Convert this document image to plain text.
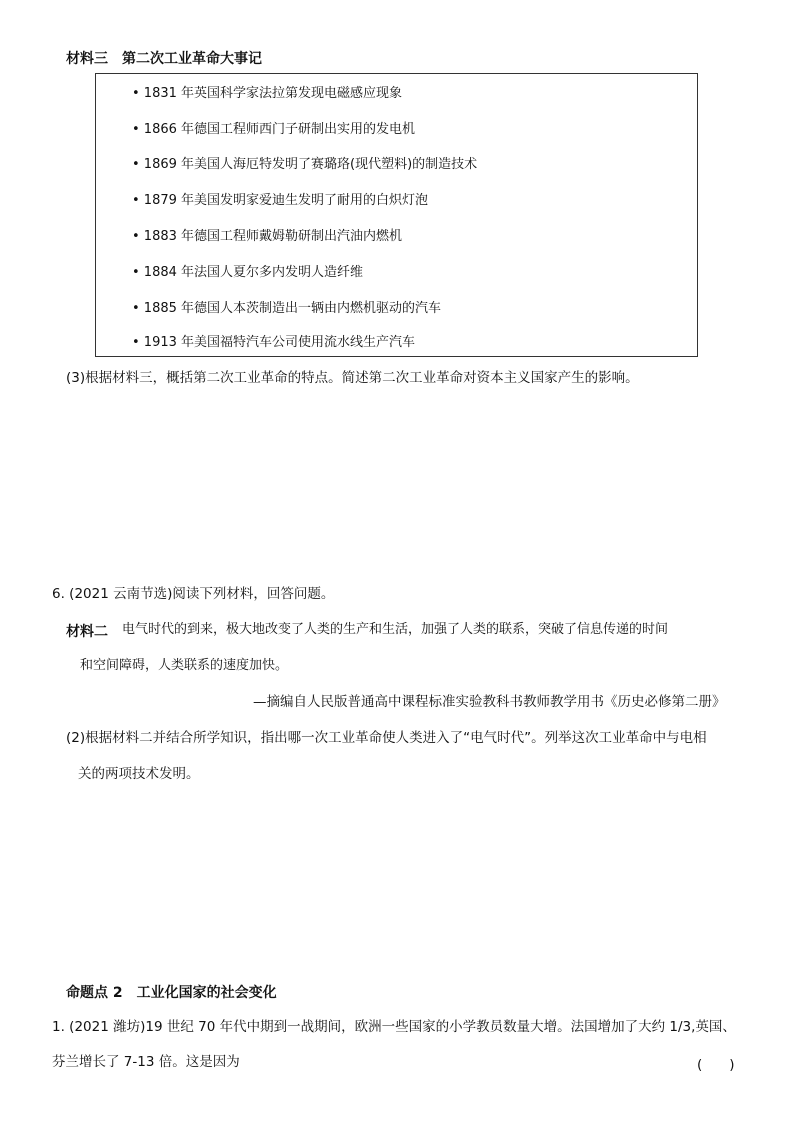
材料三　第二次工业革命大事记
• 1831 年英国科学家法拉第发现电磁感应现象
• 1866 年德国工程师西门子研制出实用的发电机
• 1869 年美国人海厄特发明了赛璐珞(现代塑料)的制造技术
• 1879 年美国发明家爱迪生发明了耐用的白炽灯泡
• 1883 年德国工程师戴姆勒研制出汽油内燃机
• 1884 年法国人夏尔多内发明人造纤维
• 1885 年德国人本茨制造出一辆由内燃机驱动的汽车
• 1913 年美国福特汽车公司使用流水线生产汽车
(3)根据材料三，概括第二次工业革命的特点。简述第二次工业革命对资本主义国家产生的影响。
6. (2021 云南节选)阅读下列材料，回答问题。
材料二 电气时代的到来，极大地改变了人类的生产和生活，加强了人类的联系，突破了信息传递的时间
和空间障碍，人类联系的速度加快。
—摘编自人民版普通高中课程标准实验教科书教师教学用书《历史必修第二册》
(2)根据材料二并结合所学知识，指出哪一次工业革命使人类进入了“电气时代”。列举这次工业革命中与电相
关的两项技术发明。
命题点 2　工业化国家的社会变化
1. (2021 潍坊)19 世纪 70 年代中期到一战期间，欧洲一些国家的小学教员数量大增。法国增加了大约 1/3,英国、
芬兰增长了 7-13 倍。这是因为	(　　)
